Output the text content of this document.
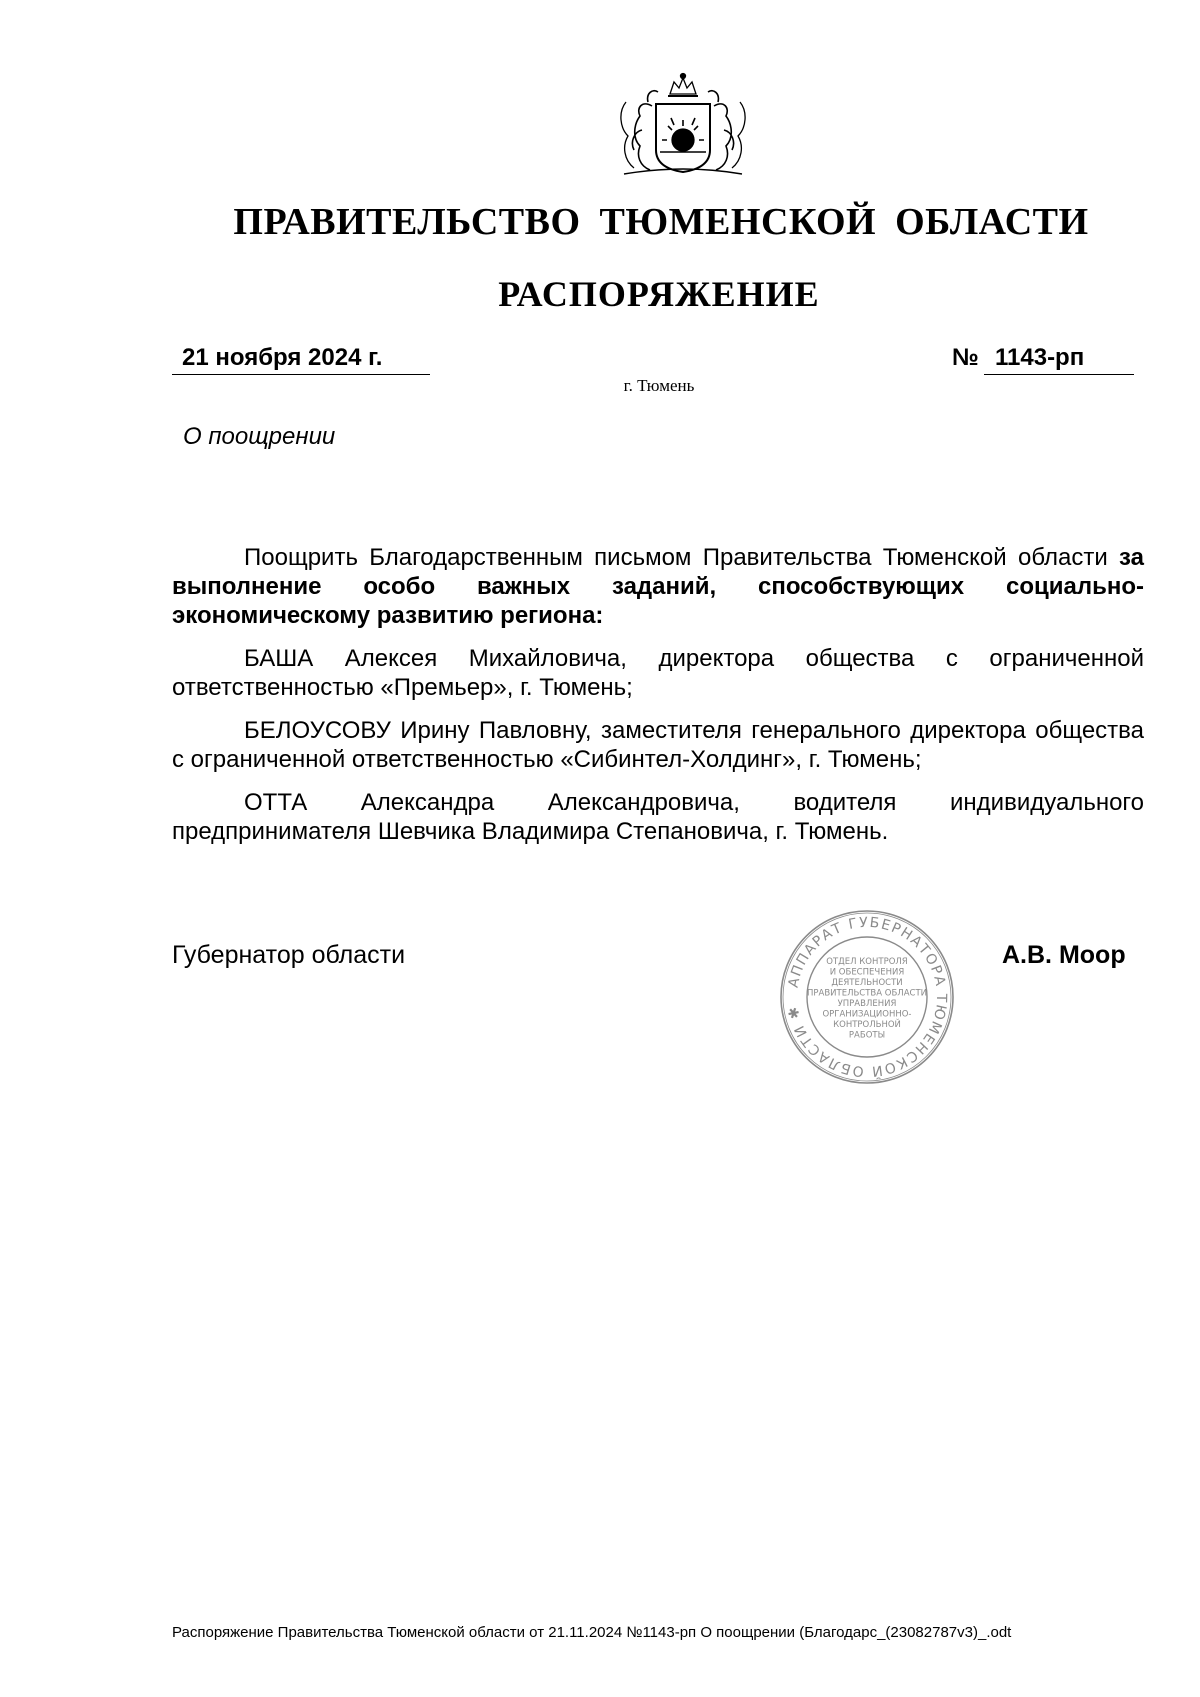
ПРАВИТЕЛЬСТВО ТЮМЕНСКОЙ ОБЛАСТИ
РАСПОРЯЖЕНИЕ
21 ноября 2024 г.	№ 1143-рп
г. Тюмень
О поощрении

Поощрить Благодарственным письмом Правительства Тюменской области за выполнение особо важных заданий, способствующих социально-экономическому развитию региона:

БАША Алексея Михайловича, директора общества с ограниченной ответственностью «Премьер», г. Тюмень;

БЕЛОУСОВУ Ирину Павловну, заместителя генерального директора общества с ограниченной ответственностью «Сибинтел-Холдинг», г. Тюмень;

ОТТА Александра Александровича, водителя индивидуального предпринимателя Шевчика Владимира Степановича, г. Тюмень.

Губернатор области
АППАРАТ ГУБЕРНАТОРА ТЮМЕНСКОЙ ОБЛАСТИ ✱
ОТДЕЛ КОНТРОЛЯ
И ОБЕСПЕЧЕНИЯ
ДЕЯТЕЛЬНОСТИ
ПРАВИТЕЛЬСТВА ОБЛАСТИ
УПРАВЛЕНИЯ
ОРГАНИЗАЦИОННО-
КОНТРОЛЬНОЙ
РАБОТЫ
А.В. Моор
Распоряжение Правительства Тюменской области от 21.11.2024 №1143-рп О поощрении (Благодарс_(23082787v3)_.odt
